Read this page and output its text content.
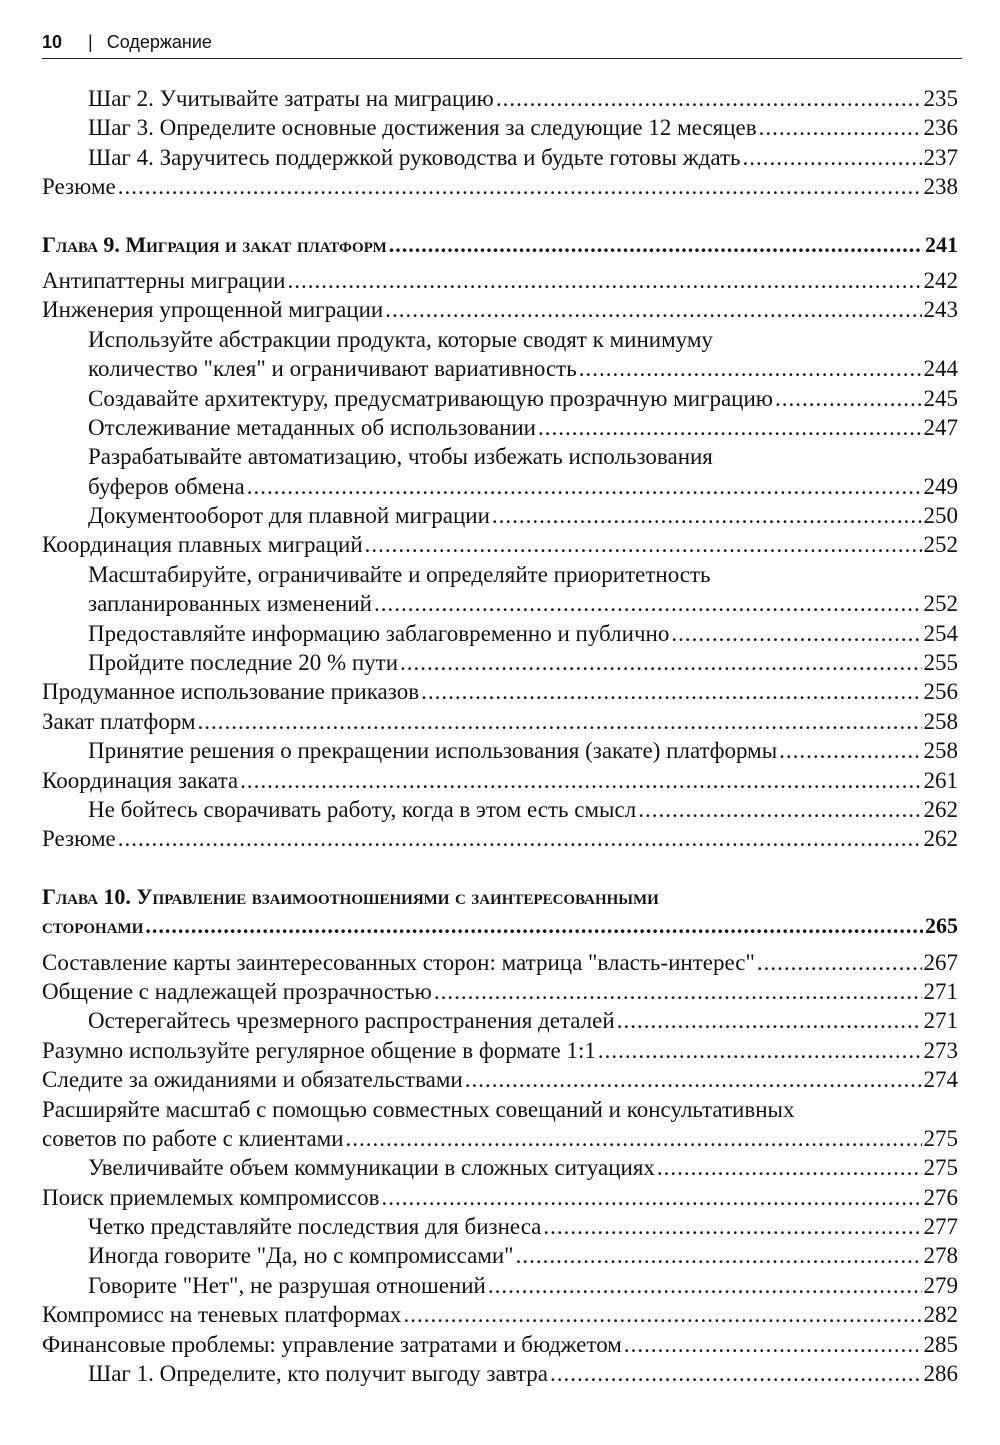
10 | Содержание
Шаг 2. Учитывайте затраты на миграцию .....	235
Шаг 3. Определите основные достижения за следующие 12 месяцев .....	236
Шаг 4. Заручитесь поддержкой руководства и будьте готовы ждать .....	237
Резюме .....	238
Глава 9. Миграция и закат платформ .....	241
Антипаттерны миграции .....	242
Инженерия упрощенной миграции .....	243
Используйте абстракции продукта, которые сводят к минимуму
количество "клея" и ограничивают вариативность .....	244
Создавайте архитектуру, предусматривающую прозрачную миграцию .....	245
Отслеживание метаданных об использовании .....	247
Разрабатывайте автоматизацию, чтобы избежать использования
буферов обмена .....	249
Документооборот для плавной миграции .....	250
Координация плавных миграций .....	252
Масштабируйте, ограничивайте и определяйте приоритетность
запланированных изменений .....	252
Предоставляйте информацию заблаговременно и публично .....	254
Пройдите последние 20 % пути .....	255
Продуманное использование приказов .....	256
Закат платформ .....	258
Принятие решения о прекращении использования (закате) платформы .....	258
Координация заката .....	261
Не бойтесь сворачивать работу, когда в этом есть смысл .....	262
Резюме .....	262
Глава 10. Управление взаимоотношениями с заинтересованными
сторонами .....	265
Составление карты заинтересованных сторон: матрица "власть-интерес" .....	267
Общение с надлежащей прозрачностью .....	271
Остерегайтесь чрезмерного распространения деталей .....	271
Разумно используйте регулярное общение в формате 1:1 .....	273
Следите за ожиданиями и обязательствами .....	274
Расширяйте масштаб с помощью совместных совещаний и консультативных
советов по работе с клиентами .....	275
Увеличивайте объем коммуникации в сложных ситуациях .....	275
Поиск приемлемых компромиссов .....	276
Четко представляйте последствия для бизнеса .....	277
Иногда говорите "Да, но с компромиссами" .....	278
Говорите "Нет", не разрушая отношений .....	279
Компромисс на теневых платформах .....	282
Финансовые проблемы: управление затратами и бюджетом .....	285
Шаг 1. Определите, кто получит выгоду завтра .....	286
